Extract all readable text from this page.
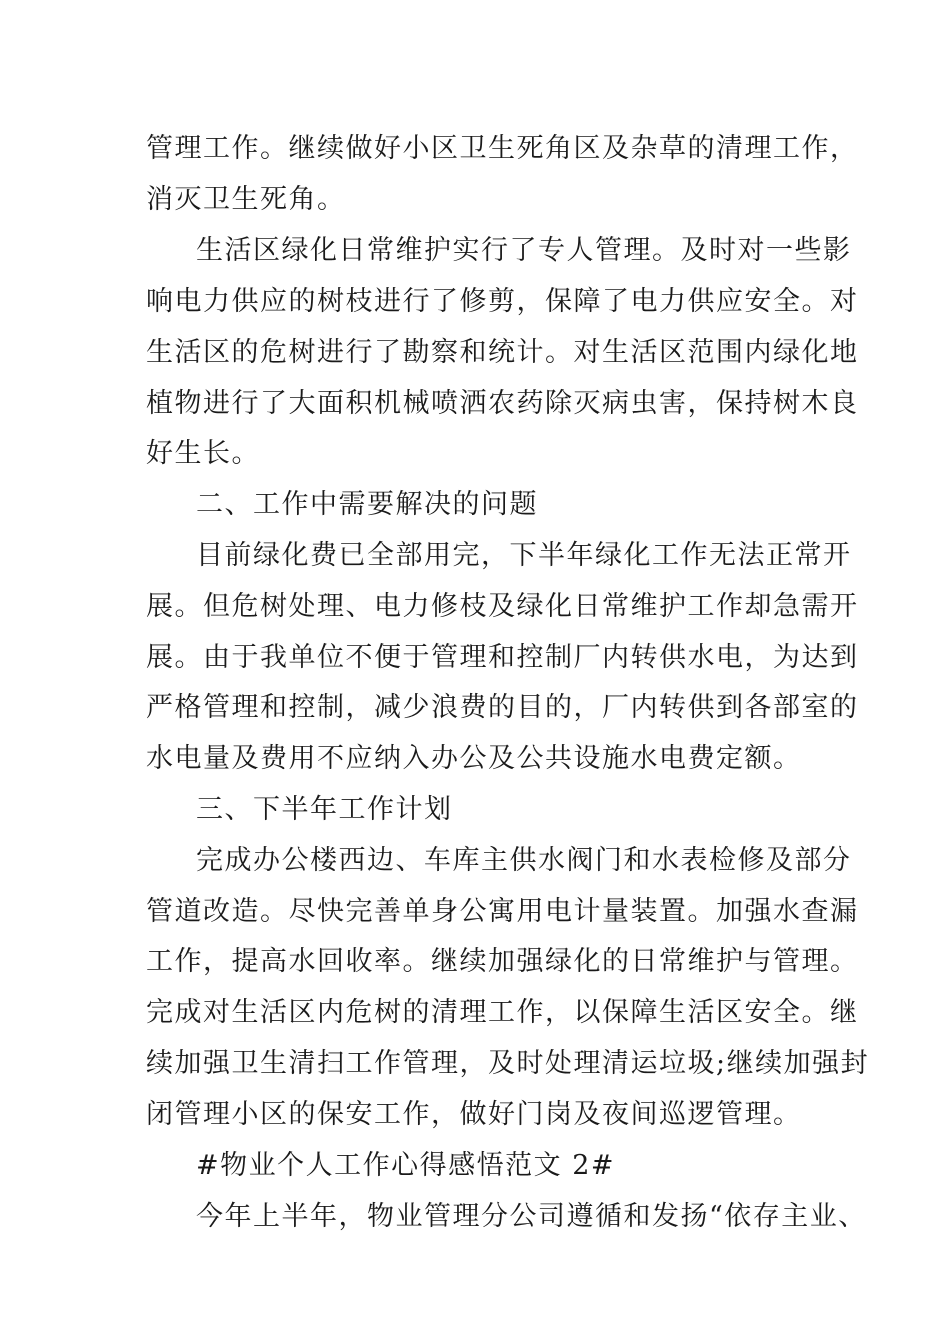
管理工作。继续做好小区卫生死角区及杂草的清理工作，
消灭卫生死角。
生活区绿化日常维护实行了专人管理。及时对一些影
响电力供应的树枝进行了修剪，保障了电力供应安全。对
生活区的危树进行了勘察和统计。对生活区范围内绿化地
植物进行了大面积机械喷洒农药除灭病虫害，保持树木良
好生长。
二、工作中需要解决的问题
目前绿化费已全部用完，下半年绿化工作无法正常开
展。但危树处理、电力修枝及绿化日常维护工作却急需开
展。由于我单位不便于管理和控制厂内转供水电，为达到
严格管理和控制，减少浪费的目的，厂内转供到各部室的
水电量及费用不应纳入办公及公共设施水电费定额。
三、下半年工作计划
完成办公楼西边、车库主供水阀门和水表检修及部分
管道改造。尽快完善单身公寓用电计量装置。加强水查漏
工作，提高水回收率。继续加强绿化的日常维护与管理。
完成对生活区内危树的清理工作，以保障生活区安全。继
续加强卫生清扫工作管理，及时处理清运垃圾;继续加强封
闭管理小区的保安工作，做好门岗及夜间巡逻管理。
#物业个人工作心得感悟范文 2#
今年上半年，物业管理分公司遵循和发扬“依存主业、
